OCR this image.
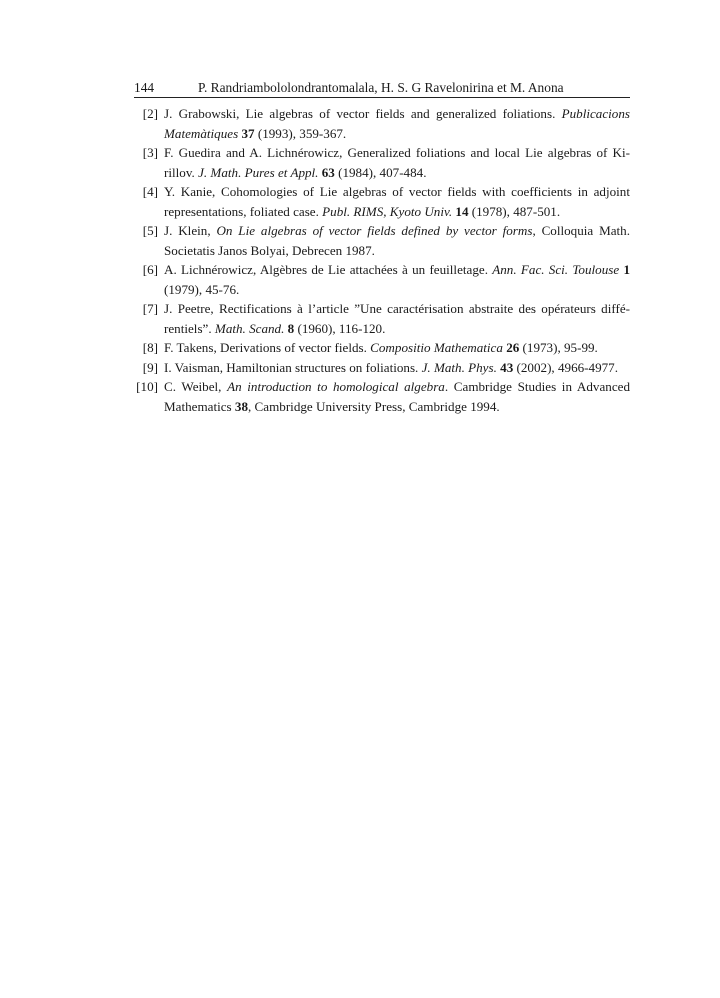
144	P. Randriambololondrantomalala, H. S. G Ravelonirina et M. Anona
[2] J. Grabowski, Lie algebras of vector fields and generalized foliations. Publicacions Matemàtiques 37 (1993), 359-367.
[3] F. Guedira and A. Lichnérowicz, Generalized foliations and local Lie algebras of Ki-rillov. J. Math. Pures et Appl. 63 (1984), 407-484.
[4] Y. Kanie, Cohomologies of Lie algebras of vector fields with coefficients in adjoint representations, foliated case. Publ. RIMS, Kyoto Univ. 14 (1978), 487-501.
[5] J. Klein, On Lie algebras of vector fields defined by vector forms, Colloquia Math. Societatis Janos Bolyai, Debrecen 1987.
[6] A. Lichnérowicz, Algèbres de Lie attachées à un feuilletage. Ann. Fac. Sci. Toulouse 1 (1979), 45-76.
[7] J. Peetre, Rectifications à l’article ”Une caractérisation abstraite des opérateurs diffé-rentiels”. Math. Scand. 8 (1960), 116-120.
[8] F. Takens, Derivations of vector fields. Compositio Mathematica 26 (1973), 95-99.
[9] I. Vaisman, Hamiltonian structures on foliations. J. Math. Phys. 43 (2002), 4966-4977.
[10] C. Weibel, An introduction to homological algebra. Cambridge Studies in Advanced Mathematics 38, Cambridge University Press, Cambridge 1994.
